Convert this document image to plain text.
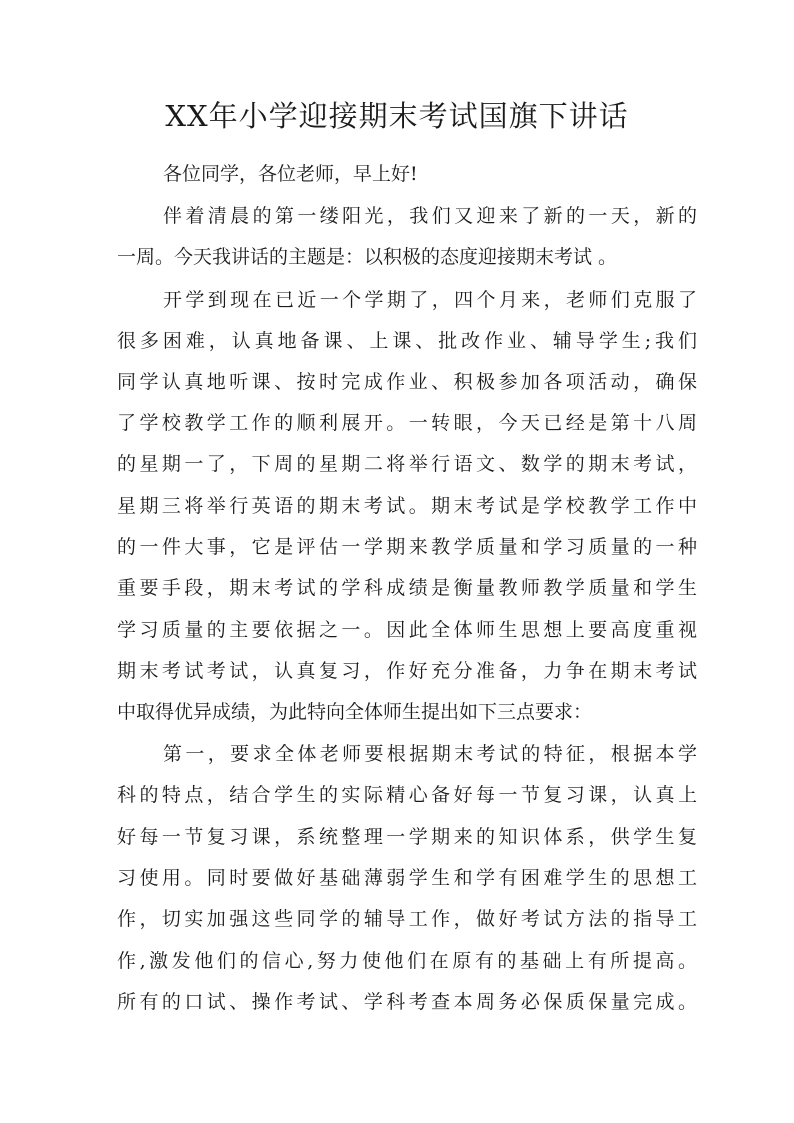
XX年小学迎接期末考试国旗下讲话
各位同学，各位老师，早上好!
伴着清晨的第一缕阳光，我们又迎来了新的一天，新的
一周。今天我讲话的主题是：以积极的态度迎接期末考试 。
开学到现在已近一个学期了，四个月来，老师们克服了
很多困难，认真地备课、上课、批改作业、辅导学生;我们
同学认真地听课、按时完成作业、积极参加各项活动，确保
了学校教学工作的顺利展开。一转眼，今天已经是第十八周
的星期一了，下周的星期二将举行语文、数学的期末考试，
星期三将举行英语的期末考试。期末考试是学校教学工作中
的一件大事，它是评估一学期来教学质量和学习质量的一种
重要手段，期末考试的学科成绩是衡量教师教学质量和学生
学习质量的主要依据之一。因此全体师生思想上要高度重视
期末考试考试，认真复习，作好充分准备，力争在期末考试
中取得优异成绩，为此特向全体师生提出如下三点要求：
第一，要求全体老师要根据期末考试的特征，根据本学
科的特点，结合学生的实际精心备好每一节复习课，认真上
好每一节复习课，系统整理一学期来的知识体系，供学生复
习使用。同时要做好基础薄弱学生和学有困难学生的思想工
作，切实加强这些同学的辅导工作，做好考试方法的指导工
作,激发他们的信心,努力使他们在原有的基础上有所提高。
所有的口试、操作考试、学科考查本周务必保质保量完成。
